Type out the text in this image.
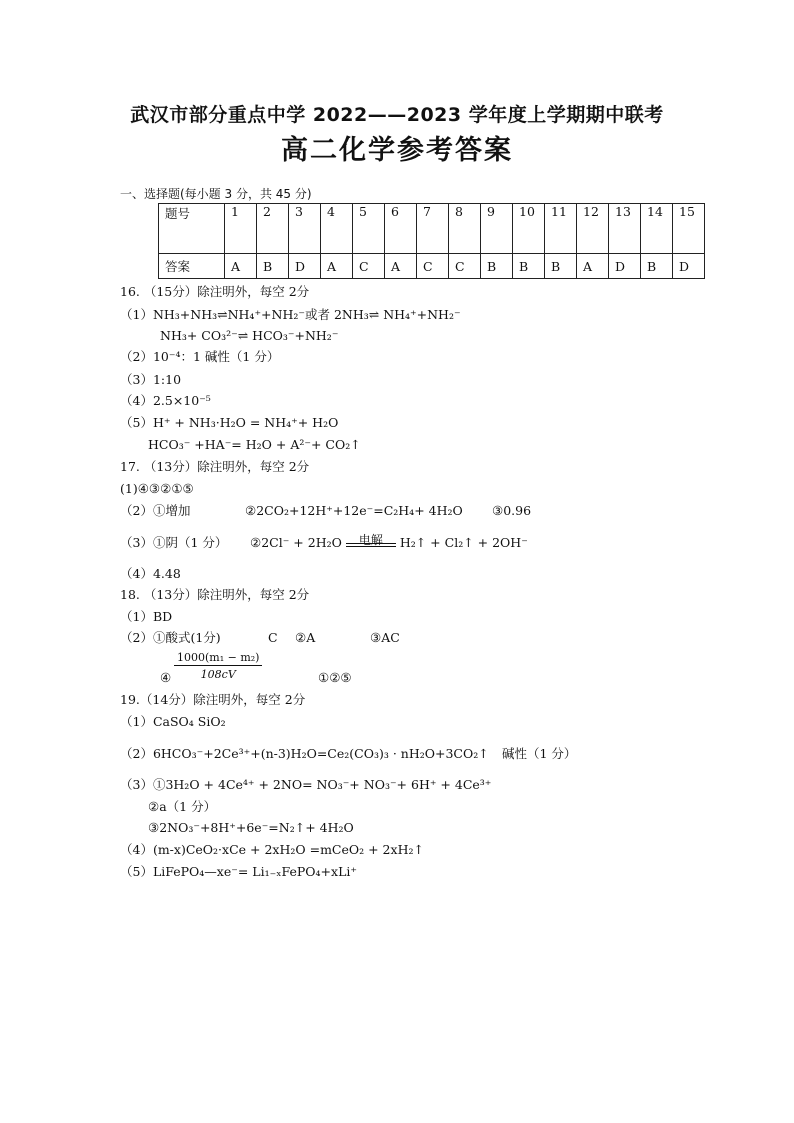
武汉市部分重点中学 2022——2023 学年度上学期期中联考
高二化学参考答案
一、选择题(每小题 3 分，共 45 分)
题号	1	2	3	4	5	6	7	8	9	10	11	12	13	14	15
答案	A	B	D	A	C	A	C	C	B	B	B	A	D	B	D
16. （15分）除注明外，每空 2分
（1）NH₃+NH₃⇌NH₄⁺+NH₂⁻或者 2NH₃⇌ NH₄⁺+NH₂⁻
NH₃+ CO₃²⁻⇌ HCO₃⁻+NH₂⁻
（2）10⁻⁴：1 碱性（1 分）
（3）1:10
（4）2.5×10⁻⁵
（5）H⁺ + NH₃·H₂O = NH₄⁺+ H₂O
HCO₃⁻ +HA⁻= H₂O + A²⁻+ CO₂↑
17. （13分）除注明外，每空 2分
(1)④③②①⑤
（2）①增加	②2CO₂+12H⁺+12e⁻=C₂H₄+ 4H₂O ③0.96
（3）①阴（1 分） ②2Cl⁻ + 2H₂O	电解	H₂↑ + Cl₂↑ + 2OH⁻
（4）4.48
18. （13分）除注明外，每空 2分
（1）BD
（2）①酸式(1分)	C ②A	③AC
④ $\frac{\text{1000(m₁ − m₂)}}{108cV}$	①②⑤
19.（14分）除注明外，每空 2分
（1）CaSO₄ SiO₂
（2）6HCO₃⁻+2Ce³⁺+(n-3)H₂O=Ce₂(CO₃)₃ · nH₂O+3CO₂↑ 碱性（1 分）
（3）①3H₂O + 4Ce⁴⁺ + 2NO= NO₃⁻+ NO₃⁻+ 6H⁺ + 4Ce³⁺
②a（1 分）
③2NO₃⁻+8H⁺+6e⁻=N₂↑+ 4H₂O
（4）(m-x)CeO₂·xCe + 2xH₂O =mCeO₂ + 2xH₂↑
（5）LiFePO₄—xe⁻= Li₁₋ₓFePO₄+xLi⁺
